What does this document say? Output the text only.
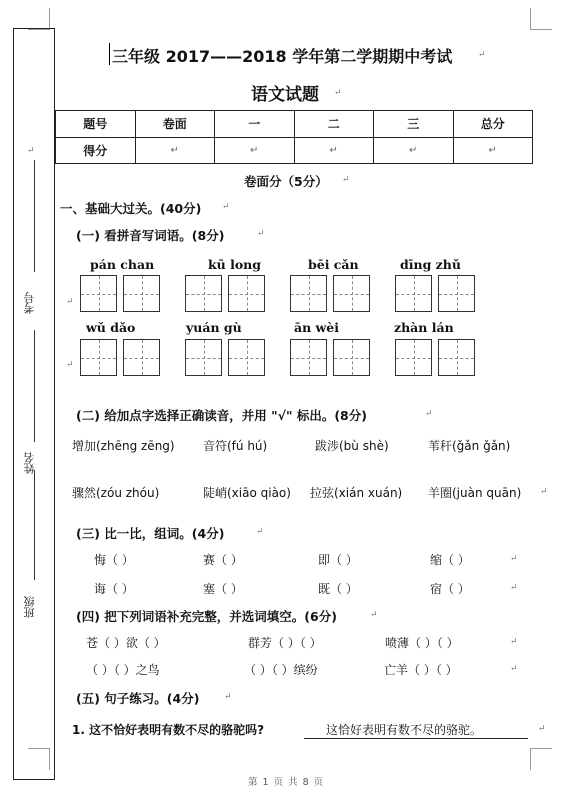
考号
姓名
班级
↵
三年级 2017——2018 学年第二学期期中考试
语文试题
题号	卷面	一	二	三	总分
得分	↵	↵	↵	↵	↵
卷面分（5分）
一、基础大过关。(40分)
(一) 看拼音写词语。(8分)
pán chan	kū long	bēi cǎn	dīng zhǔ
wǔ dǎo	yuán gù	ān wèi	zhàn lán
(二) 给加点字选择正确读音，并用 "√" 标出。(8分)
增加(zhēng zēng) 音符(fú hú)	跋涉(bù shè)	苇秆(ǧǎn ǧǎn)
骤然(zóu zhóu)	陡峭(xiāo qiào) 拉弦(xián xuán) 羊圈(juàn quān)
(三) 比一比，组词。(4分)
悔（ ）	赛（ ）	即（ ）	缩（ ）
诲（ ）	塞（ ）	既（ ）	宿（ ）
(四) 把下列词语补充完整，并选词填空。(6分)
苍（ ）欲（ ）	群芳（ ）（ ）	喷薄（ ）（ ）
（ ）（ ）之鸟	（ ）（ ）缤纷	亡羊（ ）（ ）
(五) 句子练习。(4分)
1. 这不恰好表明有数不尽的骆驼吗?	这恰好表明有数不尽的骆驼。
↵
↵
↵
↵
↵
↵
↵
↵
↵
↵
↵
↵
↵
↵
↵
↵
↵
第 1 页 共 8 页
